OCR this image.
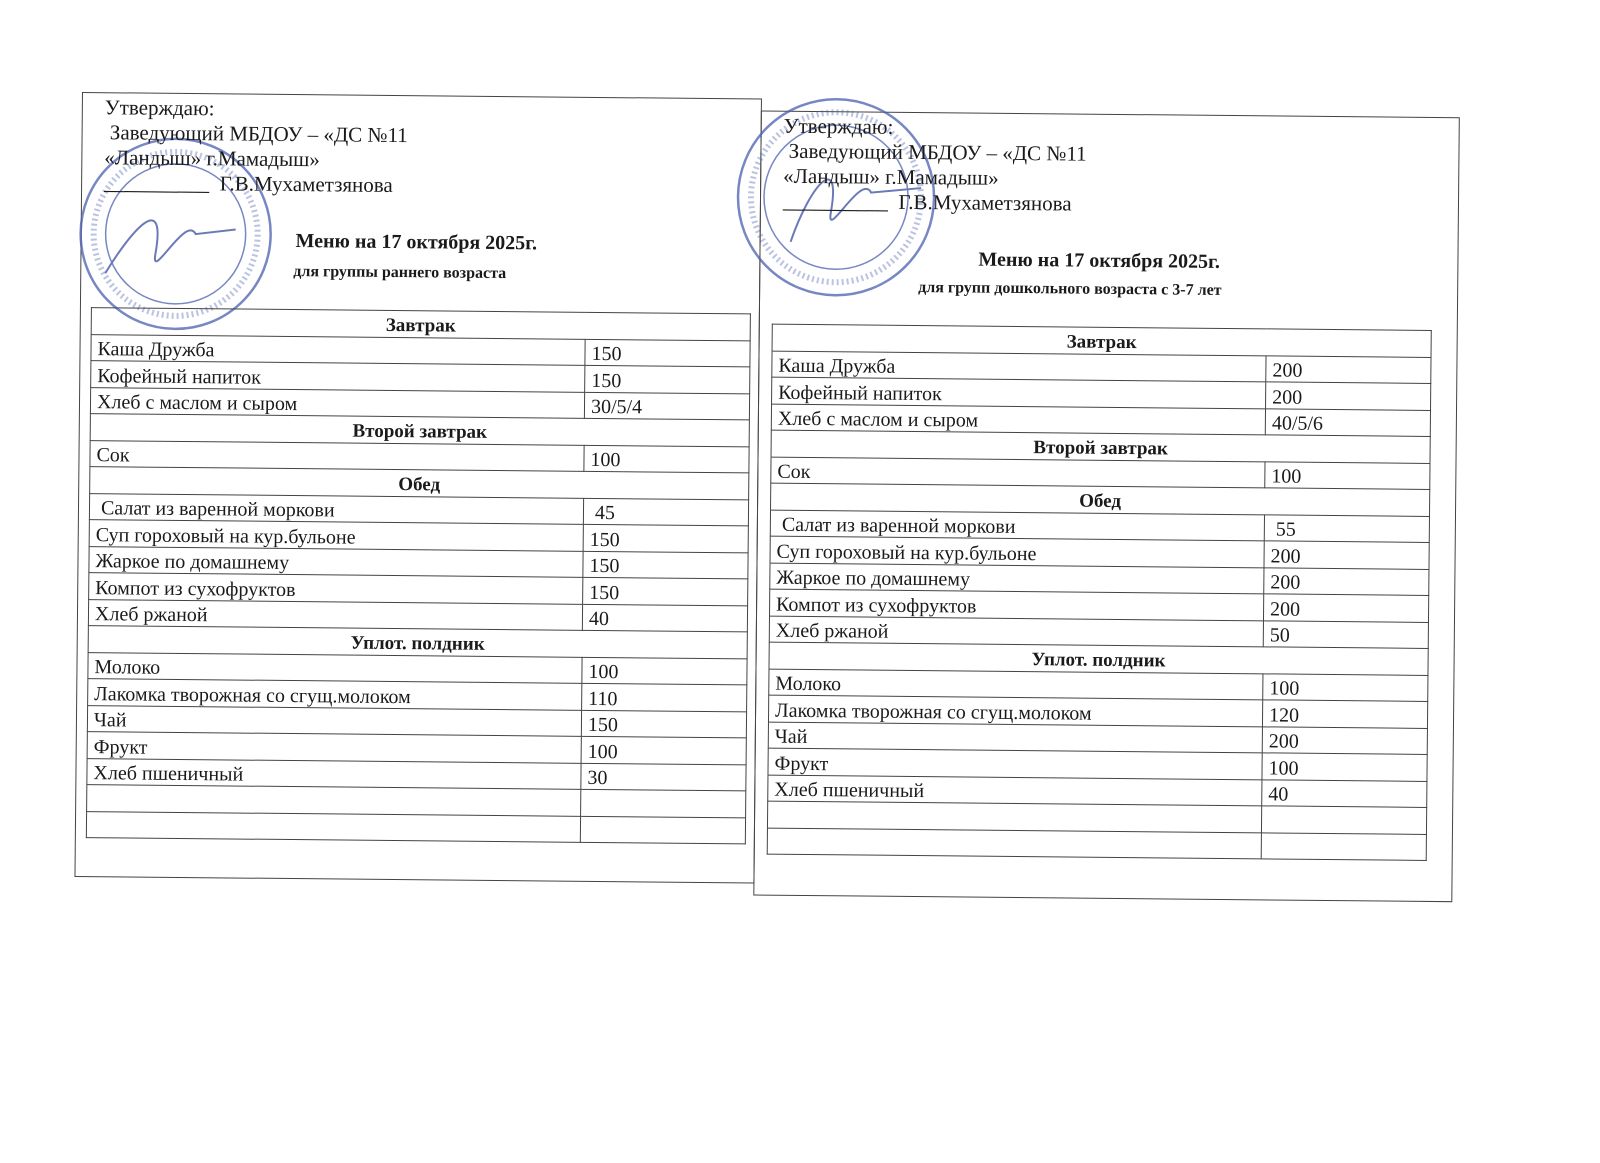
Утверждаю:
Заведующий МБДОУ – «ДС №11
«Ландыш» г.Мамадыш»
__________  Г.В.Мухаметзянова
Меню на 17 октября 2025г.
для группы раннего возраста
Завтрак	
Каша Дружба	150
Кофейный напиток	150
Хлеб с маслом и сыром	30/5/4
Второй завтрак	
Сок	100
Обед	
Салат из варенной моркови	45
Суп гороховый на кур.бульоне	150
Жаркое по домашнему	150
Компот из сухофруктов	150
Хлеб ржаной	40
Уплот. полдник	
Молоко	100
Лакомка творожная со сгущ.молоком	110
Чай	150
Фрукт	100
Хлеб пшеничный	30

Утверждаю:
Заведующий МБДОУ – «ДС №11
«Ландыш» г.Мамадыш»
__________  Г.В.Мухаметзянова
Меню на 17 октября 2025г.
для групп дошкольного возраста с 3-7 лет
Завтрак	
Каша Дружба	200
Кофейный напиток	200
Хлеб с маслом и сыром	40/5/6
Второй завтрак	
Сок	100
Обед	
Салат из варенной моркови	55
Суп гороховый на кур.бульоне	200
Жаркое по домашнему	200
Компот из сухофруктов	200
Хлеб ржаной	50
Уплот. полдник	
Молоко	100
Лакомка творожная со сгущ.молоком	120
Чай	200
Фрукт	100
Хлеб пшеничный	40
